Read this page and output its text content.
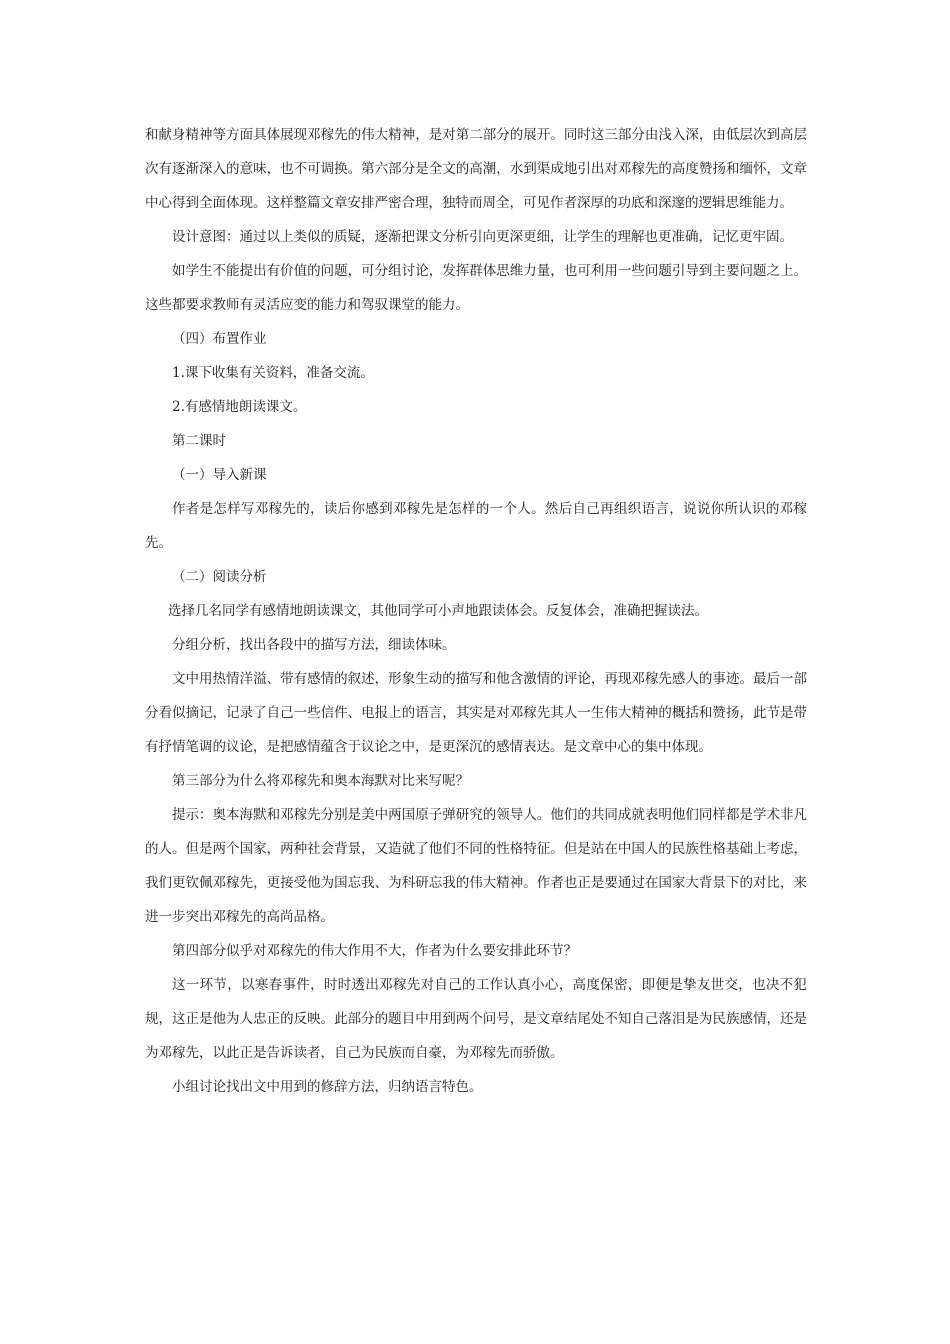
和献身精神等方面具体展现邓稼先的伟大精神，是对第二部分的展开。同时这三部分由浅入深，由低层次到高层次有逐渐深入的意味，也不可调换。第六部分是全文的高潮，水到渠成地引出对邓稼先的高度赞扬和缅怀，文章中心得到全面体现。这样整篇文章安排严密合理，独特而周全，可见作者深厚的功底和深邃的逻辑思维能力。

设计意图：通过以上类似的质疑，逐渐把课文分析引向更深更细，让学生的理解也更准确，记忆更牢固。

如学生不能提出有价值的问题，可分组讨论，发挥群体思维力量，也可利用一些问题引导到主要问题之上。这些都要求教师有灵活应变的能力和驾驭课堂的能力。

（四）布置作业

1.课下收集有关资料，准备交流。

2.有感情地朗读课文。

第二课时

（一）导入新课

作者是怎样写邓稼先的，读后你感到邓稼先是怎样的一个人。然后自己再组织语言，说说你所认识的邓稼先。

（二）阅读分析

选择几名同学有感情地朗读课文，其他同学可小声地跟读体会。反复体会，准确把握读法。

分组分析，找出各段中的描写方法，细读体味。

文中用热情洋溢、带有感情的叙述，形象生动的描写和他含激情的评论，再现邓稼先感人的事迹。最后一部分看似摘记，记录了自己一些信件、电报上的语言，其实是对邓稼先其人一生伟大精神的概括和赞扬，此节是带有抒情笔调的议论，是把感情蕴含于议论之中，是更深沉的感情表达。是文章中心的集中体现。

第三部分为什么将邓稼先和奥本海默对比来写呢？

提示：奥本海默和邓稼先分别是美中两国原子弹研究的领导人。他们的共同成就表明他们同样都是学术非凡的人。但是两个国家，两种社会背景，又造就了他们不同的性格特征。但是站在中国人的民族性格基础上考虑，我们更钦佩邓稼先，更接受他为国忘我、为科研忘我的伟大精神。作者也正是要通过在国家大背景下的对比，来进一步突出邓稼先的高尚品格。

第四部分似乎对邓稼先的伟大作用不大，作者为什么要安排此环节？

这一环节，以寒春事件，时时透出邓稼先对自己的工作认真小心，高度保密，即便是挚友世交，也决不犯规，这正是他为人忠正的反映。此部分的题目中用到两个问号，是文章结尾处不知自己落泪是为民族感情，还是为邓稼先，以此正是告诉读者，自己为民族而自豪，为邓稼先而骄傲。

小组讨论找出文中用到的修辞方法，归纳语言特色。
